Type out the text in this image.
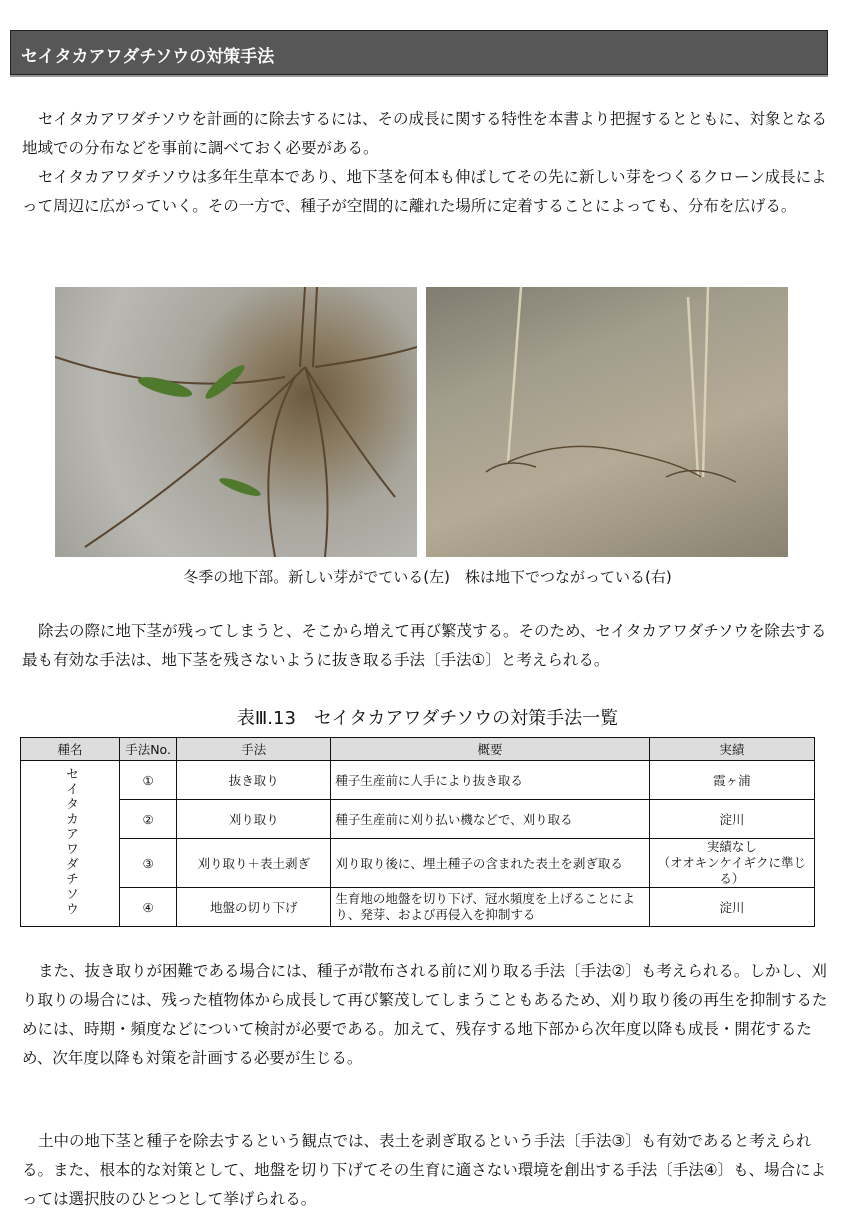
セイタカアワダチソウの対策手法

セイタカアワダチソウを計画的に除去するには、その成長に関する特性を本書より把握するとともに、対象となる地域での分布などを事前に調べておく必要がある。

セイタカアワダチソウは多年生草本であり、地下茎を何本も伸ばしてその先に新しい芽をつくるクローン成長によって周辺に広がっていく。その一方で、種子が空間的に離れた場所に定着することによっても、分布を広げる。

冬季の地下部。新しい芽がでている(左)　株は地下でつながっている(右)

除去の際に地下茎が残ってしまうと、そこから増えて再び繁茂する。そのため、セイタカアワダチソウを除去する最も有効な手法は、地下茎を残さないように抜き取る手法〔手法①〕と考えられる。

表Ⅲ.13　セイタカアワダチソウの対策手法一覧
種名	手法No.	手法	概要	実績
セイタカアワダチソウ	①	抜き取り	種子生産前に人手により抜き取る	霞ヶ浦
	②	刈り取り	種子生産前に刈り払い機などで、刈り取る	淀川
	③	刈り取り＋表土剥ぎ	刈り取り後に、埋土種子の含まれた表土を剥ぎ取る	実績なし
（オオキンケイギクに準じる）
	④	地盤の切り下げ	生育地の地盤を切り下げ、冠水頻度を上げることにより、発芽、および再侵入を抑制する	淀川

また、抜き取りが困難である場合には、種子が散布される前に刈り取る手法〔手法②〕も考えられる。しかし、刈り取りの場合には、残った植物体から成長して再び繁茂してしまうこともあるため、刈り取り後の再生を抑制するためには、時期・頻度などについて検討が必要である。加えて、残存する地下部から次年度以降も成長・開花するため、次年度以降も対策を計画する必要が生じる。

土中の地下茎と種子を除去するという観点では、表土を剥ぎ取るという手法〔手法③〕も有効であると考えられる。また、根本的な対策として、地盤を切り下げてその生育に適さない環境を創出する手法〔手法④〕も、場合によっては選択肢のひとつとして挙げられる。
